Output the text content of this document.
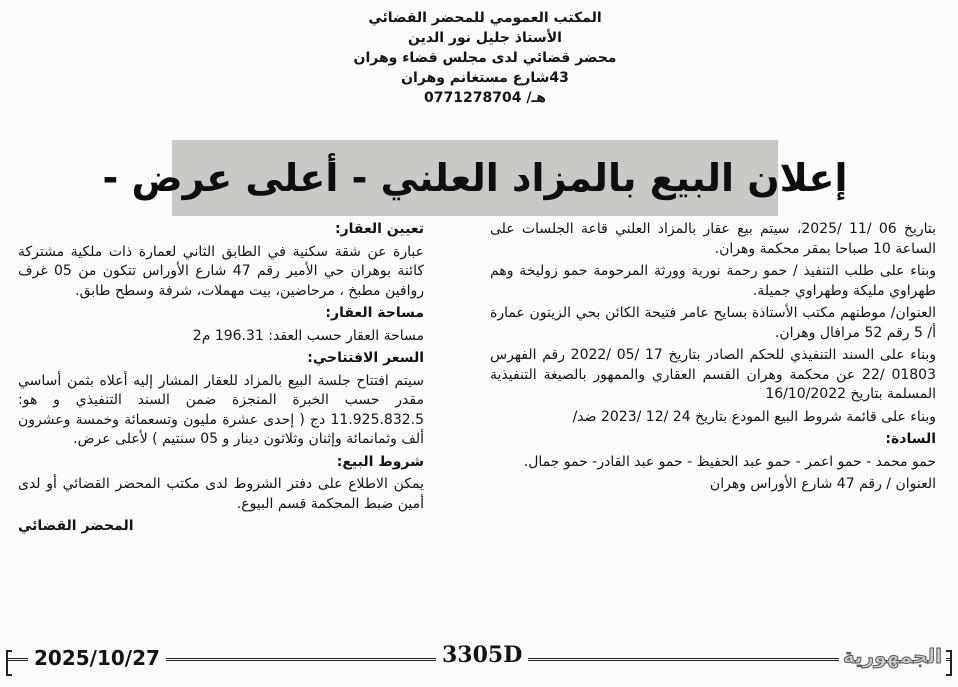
المكتب العمومي للمحضر القضائي
الأستاذ جليل نور الدين
محضر قضائي لدى مجلس قضاء وهران
43شارع مستغانم وهران
هـ/ 0771278704
إعلان البيع بالمزاد العلني - أعلى عرض -

بتاريخ 06 /11 /2025، سيتم بيع عقار بالمزاد العلني قاعة الجلسات على الساعة 10 صباحا بمقر محكمة وهران.

وبناء على طلب التنفيذ / حمو رحمة نورية وورثة المرحومة حمو زوليخة وهم طهراوي مليكة وطهراوي جميلة.

العنوان/ موطنهم مكتب الأستاذة بسايح عامر فتيحة الكائن بحي الزيتون عمارة أ/ 5 رقم 52 مرافال وهران.

وبناء على السند التنفيذي للحكم الصادر بتاريخ 17 /05 /2022 رقم الفهرس 01803 /22 عن محكمة وهران القسم العقاري والممهور بالصيغة التنفيذية المسلمة بتاريخ 16/10/2022

وبناء على قائمة شروط البيع المودع بتاريخ 24 /12 /2023 ضد/

السادة:

حمو محمد - حمو اعمر - حمو عبد الحفيظ - حمو عبد القادر- حمو جمال.

العنوان / رقم 47 شارع الأوراس وهران

تعيين العقار:

عبارة عن شقة سكنية في الطابق الثاني لعمارة ذات ملكية مشتركة كائنة بوهران حي الأمير رقم 47 شارع الأوراس تتكون من 05 غرف روافين مطبخ ، مرحاضين، بيت مهملات، شرفة وسطح طابق.

مساحة العقار:

مساحة العقار حسب العقد: 196.31 م2

السعر الافتتاحي:

سيتم افتتاح جلسة البيع بالمزاد للعقار المشار إليه أعلاه بثمن أساسي مقدر حسب الخبرة المنجزة ضمن السند التنفيذي و هو: 11.925.832.5 دج ( إحدى عشرة مليون وتسعمائة وخمسة وعشرون ألف وثمانمائة وإثنان وثلاثون دينار و 05 سنتيم ) لأعلى عرض.

شروط البيع:

يمكن الاطلاع على دفتر الشروط لدى مكتب المحضر القضائي أو لدى أمين ضبط المحكمة قسم البيوع.

المحضر القضائي
2025/10/27	3305D	الجمهورية
